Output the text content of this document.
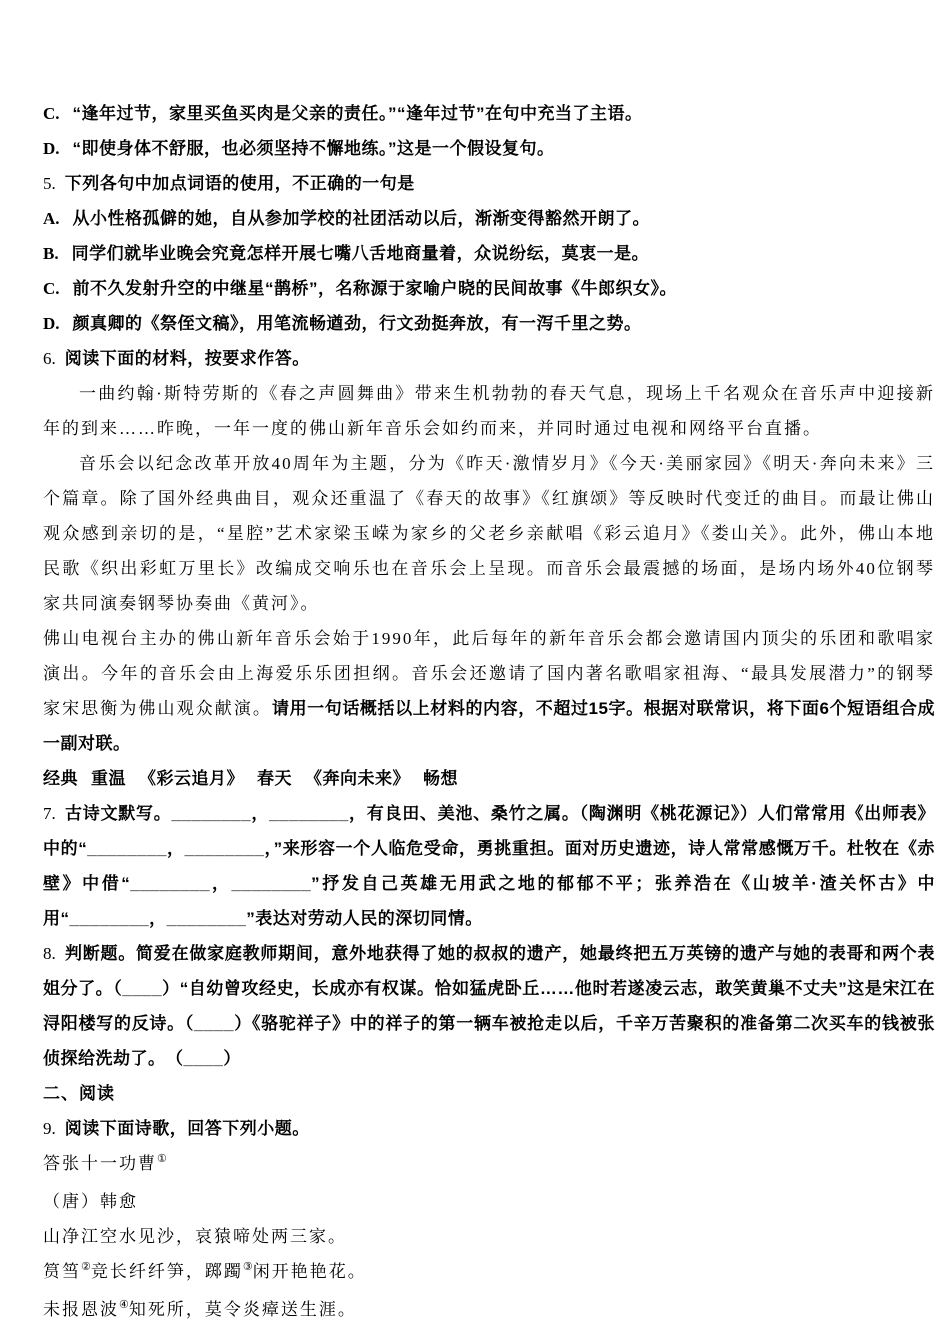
C. “逢年过节，家里买鱼买肉是父亲的责任。”“逢年过节”在句中充当了主语。

D. “即使身体不舒服，也必须坚持不懈地练。”这是一个假设复句。

5. 下列各句中加点词语的使用，不正确的一句是

A. 从小性格孤僻的她，自从参加学校的社团活动以后，渐渐变得豁然开朗了。

B. 同学们就毕业晚会究竟怎样开展七嘴八舌地商量着，众说纷纭，莫衷一是。

C. 前不久发射升空的中继星“鹊桥”，名称源于家喻户晓的民间故事《牛郎织女》。

D. 颜真卿的《祭侄文稿》，用笔流畅遒劲，行文劲挺奔放，有一泻千里之势。

6. 阅读下面的材料，按要求作答。

一曲约翰·斯特劳斯的《春之声圆舞曲》带来生机勃勃的春天气息，现场上千名观众在音乐声中迎接新年的到来……昨晚，一年一度的佛山新年音乐会如约而来，并同时通过电视和网络平台直播。

音乐会以纪念改革开放40周年为主题，分为《昨天·激情岁月》《今天·美丽家园》《明天·奔向未来》三个篇章。除了国外经典曲目，观众还重温了《春天的故事》《红旗颂》等反映时代变迁的曲目。而最让佛山观众感到亲切的是，“星腔”艺术家梁玉嵘为家乡的父老乡亲献唱《彩云追月》《娄山关》。此外，佛山本地民歌《织出彩虹万里长》改编成交响乐也在音乐会上呈现。而音乐会最震撼的场面，是场内场外40位钢琴家共同演奏钢琴协奏曲《黄河》。

佛山电视台主办的佛山新年音乐会始于1990年，此后每年的新年音乐会都会邀请国内顶尖的乐团和歌唱家演出。今年的音乐会由上海爱乐乐团担纲。音乐会还邀请了国内著名歌唱家祖海、“最具发展潜力”的钢琴家宋思衡为佛山观众献演。请用一句话概括以上材料的内容，不超过15字。根据对联常识，将下面6个短语组合成一副对联。

经典 重温 《彩云追月》 春天 《奔向未来》 畅想

7. 古诗文默写。________，________，有良田、美池、桑竹之属。（陶渊明《桃花源记》）人们常常用《出师表》中的“________，________，”来形容一个人临危受命，勇挑重担。面对历史遗迹，诗人常常感慨万千。杜牧在《赤壁》中借“________，________”抒发自己英雄无用武之地的郁郁不平；张养浩在《山坡羊·渣关怀古》中用“________，________”表达对劳动人民的深切同情。

8. 判断题。简爱在做家庭教师期间，意外地获得了她的叔叔的遗产，她最终把五万英镑的遗产与她的表哥和两个表姐分了。（____）“自幼曾攻经史，长成亦有权谋。恰如猛虎卧丘……他时若遂凌云志，敢笑黄巢不丈夫”这是宋江在浔阳楼写的反诗。（____）《骆驼祥子》中的祥子的第一辆车被抢走以后，千辛万苦聚积的准备第二次买车的钱被张侦探给洗劫了。　（____）

二、阅读

9. 阅读下面诗歌，回答下列小题。

答张十一功曹①

（唐）韩愈

山净江空水见沙，哀猿啼处两三家。

筼筜②竞长纤纤笋，踯躅③闲开艳艳花。

未报恩波④知死所，莫令炎瘴送生涯。
